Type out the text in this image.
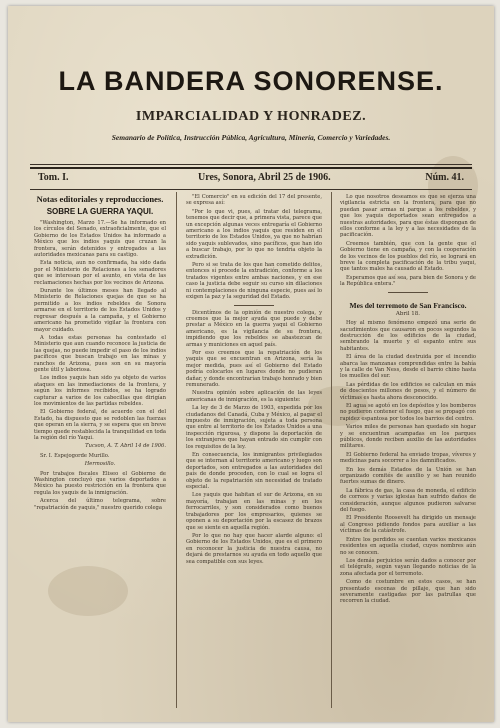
LA BANDERA SONORENSE.
IMPARCIALIDAD Y HONRADEZ.
Semanario de Política, Instrucción Pública, Agricultura, Minería, Comercio y Variedades.
Tom. I.	Ures, Sonora, Abril 25 de 1906.	Núm. 41.
Notas editoriales y reproducciones.
SOBRE LA GUERRA YAQUI.

"Washington, Marzo 17.—Se ha informado en los círculos del Senado, extraoficialmente, que el Gobierno de los Estados Unidos ha informado a México que los indios yaquis que cruzan la frontera, serán detenidos y entregados a las autoridades mexicanas para su castigo.

Esta noticia, aun no confirmada, ha sido dada por el Ministerio de Relaciones a los senadores que se interesan por el asunto, en vista de las reclamaciones hechas por los vecinos de Arizona.

Durante los últimos meses han llegado al Ministerio de Relaciones quejas de que se ha permitido a los indios rebeldes de Sonora armarse en el territorio de los Estados Unidos y regresar después a la campaña, y el Gobierno americano ha prometido vigilar la frontera con mayor cuidado.

A todas estas personas ha contestado el Ministerio que aun cuando reconoce la justicia de las quejas, no puede impedir el paso de los indios pacíficos que buscan trabajo en las minas y ranchos de Arizona, pues son en su mayoría gente útil y laboriosa.

Los indios yaquis han sido ya objeto de varios ataques en las inmediaciones de la frontera, y según los informes recibidos, se ha logrado capturar a varios de los cabecillas que dirigían los movimientos de las partidas rebeldes.

El Gobierno federal, de acuerdo con el del Estado, ha dispuesto que se redoblen las fuerzas que operan en la sierra, y se espera que en breve tiempo quede restablecida la tranquilidad en toda la región del río Yaqui.

Tucson, A. T. Abril 14 de 1906.

Sr. I. Espejogorde Murillo.

Hermosillo.

Por trabajos fiscales Eliseo el Gobierno de Washington concluyó que varios deportados a México ha puesto restricción en la frontera que regula los yaquis de la inmigración.

Acerca del último telegrama, sobre "repatriación de yaquis," nuestro querido colega

"El Comercio" en su edición del 17 del presente, se expresa así:

"Por lo que vi, pues, al tratar del telegrama, tenemos que decir que, a primera vista, parece que un excepción algunas veces entregaría el Gobierno americano a los indios yaquis que residen en el territorio de los Estados Unidos, ya que no habrían sido yaquis sublevados, sino pacíficos, que han ido a buscar trabajo, por lo que no tendría objeto la extradición.

Pero si se trata de los que han cometido delitos, entonces sí procede la extradición, conforme a los tratados vigentes entre ambas naciones, y en ese caso la justicia debe seguir su curso sin dilaciones ni contemplaciones de ninguna especie, pues así lo exigen la paz y la seguridad del Estado.

Dicentímos de la opinión de nuestro colega, y creemos que la mejor ayuda que puede y debe prestar a México en la guerra yaqui el Gobierno americano, es la vigilancia de su frontera, impidiendo que los rebeldes se abastezcan de armas y municiones en aquel país.

Por eso creemos que la repatriación de los yaquis que se encuentran en Arizona, sería la mejor medida, pues así el Gobierno del Estado podría colocarlos en lugares donde no pudieran dañar, y donde encontrarían trabajo honrado y bien remunerado.

Nuestra opinión sobre aplicación de las leyes americanas de inmigración, es la siguiente:

La ley de 3 de Marzo de 1903, expedida por los ciudadanos del Canadá, Cuba y México, al pagar el impuesto de inmigración, sujeta a toda persona que entre al territorio de los Estados Unidos a una inspección rigurosa, y dispone la deportación de los extranjeros que hayan entrado sin cumplir con los requisitos de la ley.

En consecuencia, los inmigrantes privilegiados que se internan al territorio americano y luego son deportados, son entregados a las autoridades del país de donde proceden, con lo cual se logra el objeto de la repatriación sin necesidad de tratado especial.

Los yaquis que habitan el sur de Arizona, en su mayoría, trabajan en las minas y en los ferrocarriles, y son considerados como buenos trabajadores por los empresarios, quienes se oponen a su deportación por la escasez de brazos que se siente en aquella región.

Por lo que no hay que hacer alarde alguno: el Gobierno de los Estados Unidos, que es el primero en reconocer la justicia de nuestra causa, no dejará de prestarnos su ayuda en todo aquello que sea compatible con sus leyes.

Lo que nosotros deseamos es que se ejerza una vigilancia estricta en la frontera, para que no puedan pasar armas ni parque a los rebeldes, y que los yaquis deportados sean entregados a nuestras autoridades, para que éstas dispongan de ellos conforme a la ley y a las necesidades de la pacificación.

Creemos también, que con la gente que el Gobierno tiene en campaña, y con la cooperación de los vecinos de los pueblos del río, se logrará en breve la completa pacificación de la tribu yaqui, que tantos males ha causado al Estado.

Esperamos que así sea, para bien de Sonora y de la República entera."

Mes del terremoto de San Francisco.
Abril 18.

Hoy al mismo fenómeno empezó una serie de sacudimientos que causaron en pocos segundos la destrucción de los edificios de la ciudad, sembrando la muerte y el espanto entre sus habitantes.

El área de la ciudad destruida por el incendio abarca las manzanas comprendidas entre la bahía y la calle de Van Ness, desde el barrio chino hasta los muelles del sur.

Las pérdidas de los edificios se calculan en más de doscientos millones de pesos, y el número de víctimas es hasta ahora desconocido.

El agua se agotó en los depósitos y los bomberos no pudieron contener el fuego, que se propagó con rapidez espantosa por todos los barrios del centro.

Varios miles de personas han quedado sin hogar y se encuentran acampadas en los parques públicos, donde reciben auxilio de las autoridades militares.

El Gobierno federal ha enviado tropas, víveres y medicinas para socorrer a los damnificados.

En los demás Estados de la Unión se han organizado comités de auxilio y se han reunido fuertes sumas de dinero.

La fábrica de gas, la casa de moneda, el edificio de correos y varias iglesias han sufrido daños de consideración, aunque algunos pudieron salvarse del fuego.

El Presidente Roosevelt ha dirigido un mensaje al Congreso pidiendo fondos para auxiliar a las víctimas de la catástrofe.

Entre los perdidos se cuentan varios mexicanos residentes en aquella ciudad, cuyos nombres aún no se conocen.

Los demás perjuicios serán dados a conocer por el telégrafo, según vayan llegando noticias de la zona afectada por el terremoto.

Como de costumbre en estos casos, se han presentado escenas de pillaje, que han sido severamente castigadas por las patrullas que recorren la ciudad.
